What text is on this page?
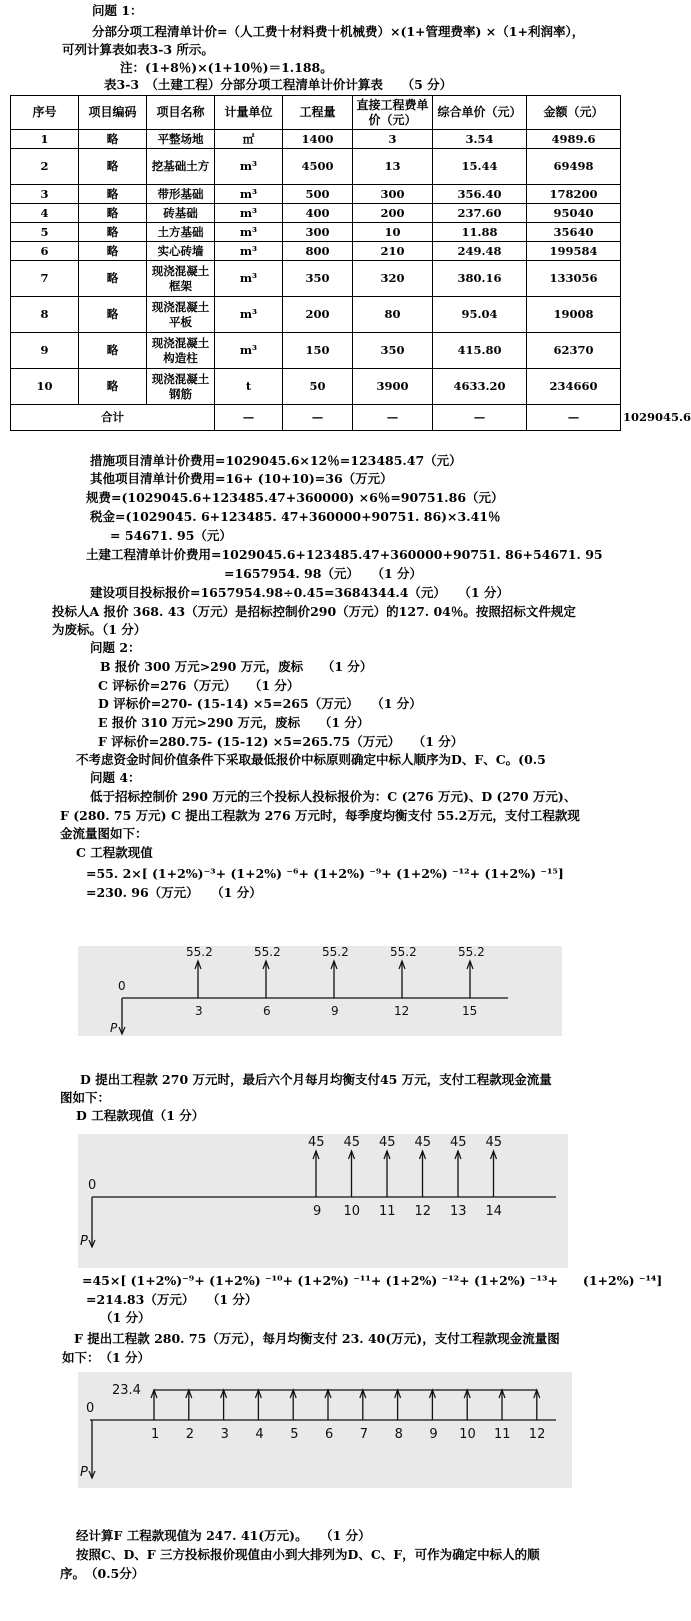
问题 1：
分部分项工程清单计价=（人工费十材料费十机械费）×(1+管理费率) ×（1+利润率），
可列计算表如表3-3 所示。
注：(1+8％)×(1+10％)＝1.188。
表3-3　（土建工程）分部分项工程清单计价计算表　　（5 分）
序号	项目编码	项目名称	计量单位	工程量	直接工程费单价（元）	综合单价（元）	金额（元）	
1	略	平整场地	㎡	1400	3	3.54	4989.6	
2	略	挖基础土方	m³	4500	13	15.44	69498	
3	略	带形基础	m³	500	300	356.40	178200	
4	略	砖基础	m³	400	200	237.60	95040	
5	略	土方基础	m³	300	10	11.88	35640	
6	略	实心砖墙	m³	800	210	249.48	199584	
7	略	现浇混凝土框架	m³	350	320	380.16	133056	
8	略	现浇混凝土平板	m³	200	80	95.04	19008	
9	略	现浇混凝土构造柱	m³	150	350	415.80	62370	
10	略	现浇混凝土钢筋	t	50	3900	4633.20	234660	
合计			—	—	—	—	—	1029045.6
措施项目清单计价费用=1029045.6×12％=123485.47（元）
其他项目清单计价费用=16+ (10+10)=36（万元）
规费=(1029045.6+123485.47+360000) ×6％=90751.86（元）
税金=(1029045. 6+123485. 47+360000+90751. 86)×3.41％
= 54671. 95（元）
土建工程清单计价费用=1029045.6+123485.47+360000+90751. 86+54671. 95
=1657954. 98（元）　　（1 分）
建设项目投标报价=1657954.98÷0.45=3684344.4（元）　　（1 分）
投标人A 报价 368. 43（万元）是招标控制价290（万元）的127. 04％。按照招标文件规定
为废标。（1 分）
问题 2：
B 报价 300 万元>290 万元，废标　　（1 分）
C 评标价=276（万元）　　（1 分）
D 评标价=270- (15-14) ×5=265（万元）　　（1 分）
E 报价 310 万元>290 万元，废标　　（1 分）
F 评标价=280.75- (15-12) ×5=265.75（万元）　　（1 分）
不考虑资金时间价值条件下采取最低报价中标原则确定中标人顺序为D、F、C。(0.5
问题 4：
低于招标控制价 290 万元的三个投标人投标报价为：C (276 万元)、D (270 万元)、
F (280. 75 万元) C 提出工程款为 276 万元时，每季度均衡支付 55.2万元，支付工程款现
金流量图如下：
C 工程款现值
=55. 2×[ (1+2%)⁻³+ (1+2%) ⁻⁶+ (1+2%) ⁻⁹+ (1+2%) ⁻¹²+ (1+2%) ⁻¹⁵]
=230. 96（万元）　　（1 分）
0
P
3
55.2
6
55.2
9
55.2
12
55.2
15
55.2
D 提出工程款 270 万元时，最后六个月每月均衡支付45 万元，支付工程款现金流量
图如下：
D 工程款现值（1 分）
0
P
9
45
10
45
11
45
12
45
13
45
14
45
=45×[ (1+2%)⁻⁹+ (1+2%) ⁻¹⁰+ (1+2%) ⁻¹¹+ (1+2%) ⁻¹²+ (1+2%) ⁻¹³+　　(1+2%) ⁻¹⁴]
=214.83（万元）　　（1 分）
（1 分）
F 提出工程款 280. 75（万元），每月均衡支付 23. 40(万元)，支付工程款现金流量图
如下：　（1 分）
0
P
1 2 3 4 5 6 7 8 9 10 11 12
23.4
经计算F 工程款现值为 247. 41(万元)。　　（1 分）
按照C、D、F 三方投标报价现值由小到大排列为D、C、F，可作为确定中标人的顺
序。　（0.5分）
